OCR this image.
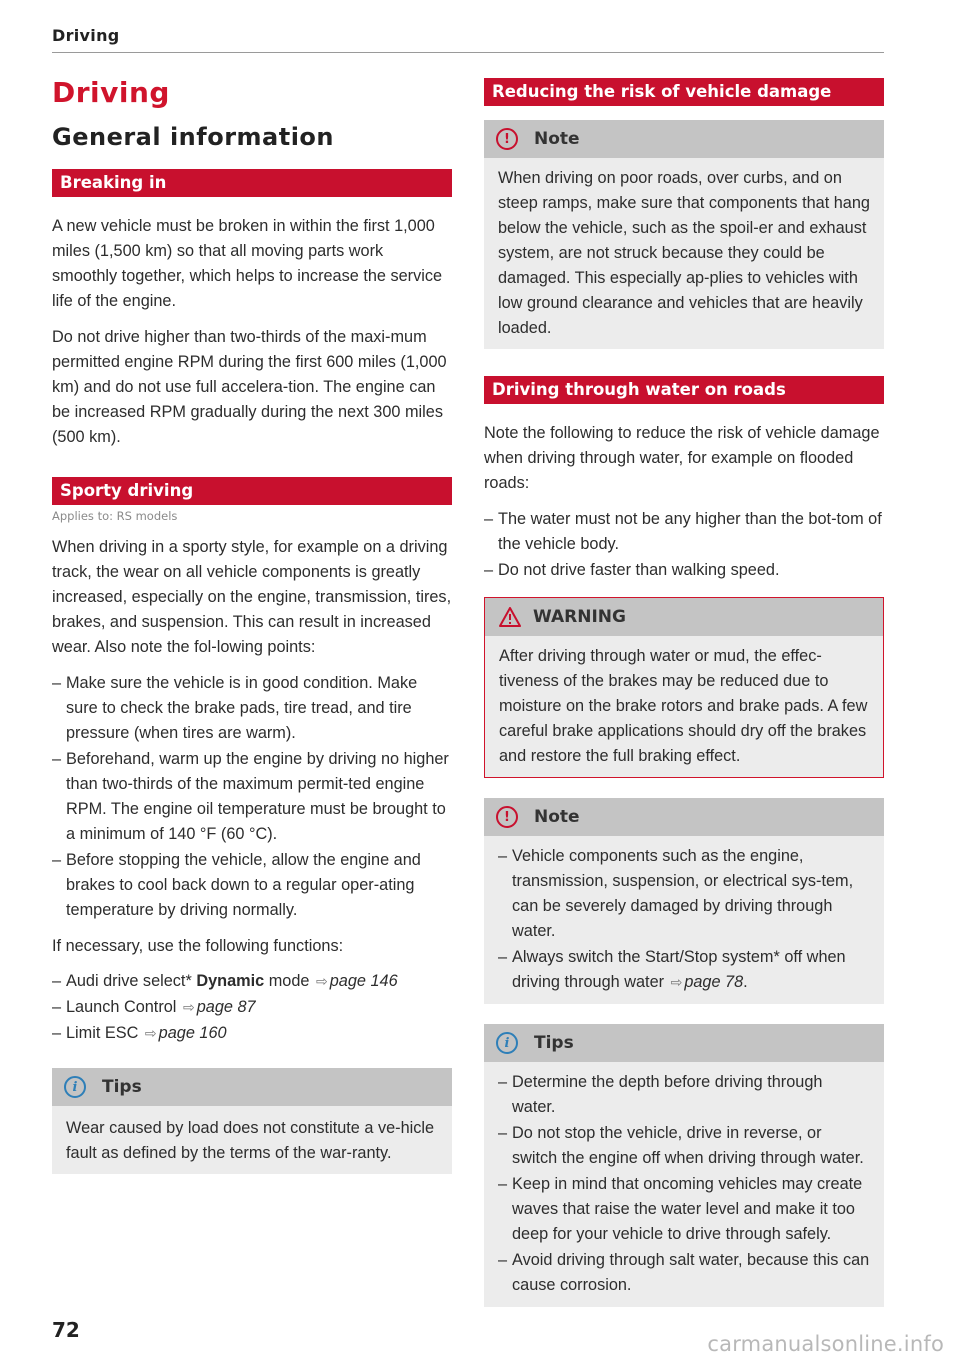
Driving
Driving
General information
Breaking in

A new vehicle must be broken in within the first 1,000 miles (1,500 km) so that all moving parts work smoothly together, which helps to increase the service life of the engine.

Do not drive higher than two-thirds of the maxi-mum permitted engine RPM during the first 600 miles (1,000 km) and do not use full accelera-tion. The engine can be increased RPM gradually during the next 300 miles (500 km).

Sporty driving
Applies to: RS models

When driving in a sporty style, for example on a driving track, the wear on all vehicle components is greatly increased, especially on the engine, transmission, tires, brakes, and suspension. This can result in increased wear. Also note the fol-lowing points:

– Make sure the vehicle is in good condition. Make sure to check the brake pads, tire tread, and tire pressure (when tires are warm).
– Beforehand, warm up the engine by driving no higher than two-thirds of the maximum permit-ted engine RPM. The engine oil temperature must be brought to a minimum of 140 °F (60 °C).
– Before stopping the vehicle, allow the engine and brakes to cool back down to a regular oper-ating temperature by driving normally.

If necessary, use the following functions:

– Audi drive select* Dynamic mode ⇨ page 146
– Launch Control ⇨ page 87
– Limit ESC ⇨ page 160
i	Tips

Wear caused by load does not constitute a ve-hicle fault as defined by the terms of the war-ranty.

Reducing the risk of vehicle damage
!	Note

When driving on poor roads, over curbs, and on steep ramps, make sure that components that hang below the vehicle, such as the spoil-er and exhaust system, are not struck because they could be damaged. This especially ap-plies to vehicles with low ground clearance and vehicles that are heavily loaded.

Driving through water on roads

Note the following to reduce the risk of vehicle damage when driving through water, for example on flooded roads:

– The water must not be any higher than the bot-tom of the vehicle body.
– Do not drive faster than walking speed.
WARNING

After driving through water or mud, the effec-tiveness of the brakes may be reduced due to moisture on the brake rotors and brake pads. A few careful brake applications should dry off the brakes and restore the full braking effect.

!	Note
– Vehicle components such as the engine, transmission, suspension, or electrical sys-tem, can be severely damaged by driving through water.
– Always switch the Start/Stop system* off when driving through water ⇨ page 78.
i	Tips
– Determine the depth before driving through water.
– Do not stop the vehicle, drive in reverse, or switch the engine off when driving through water.
– Keep in mind that oncoming vehicles may create waves that raise the water level and make it too deep for your vehicle to drive through safely.
– Avoid driving through salt water, because this can cause corrosion.
72
carmanualsonline.info
